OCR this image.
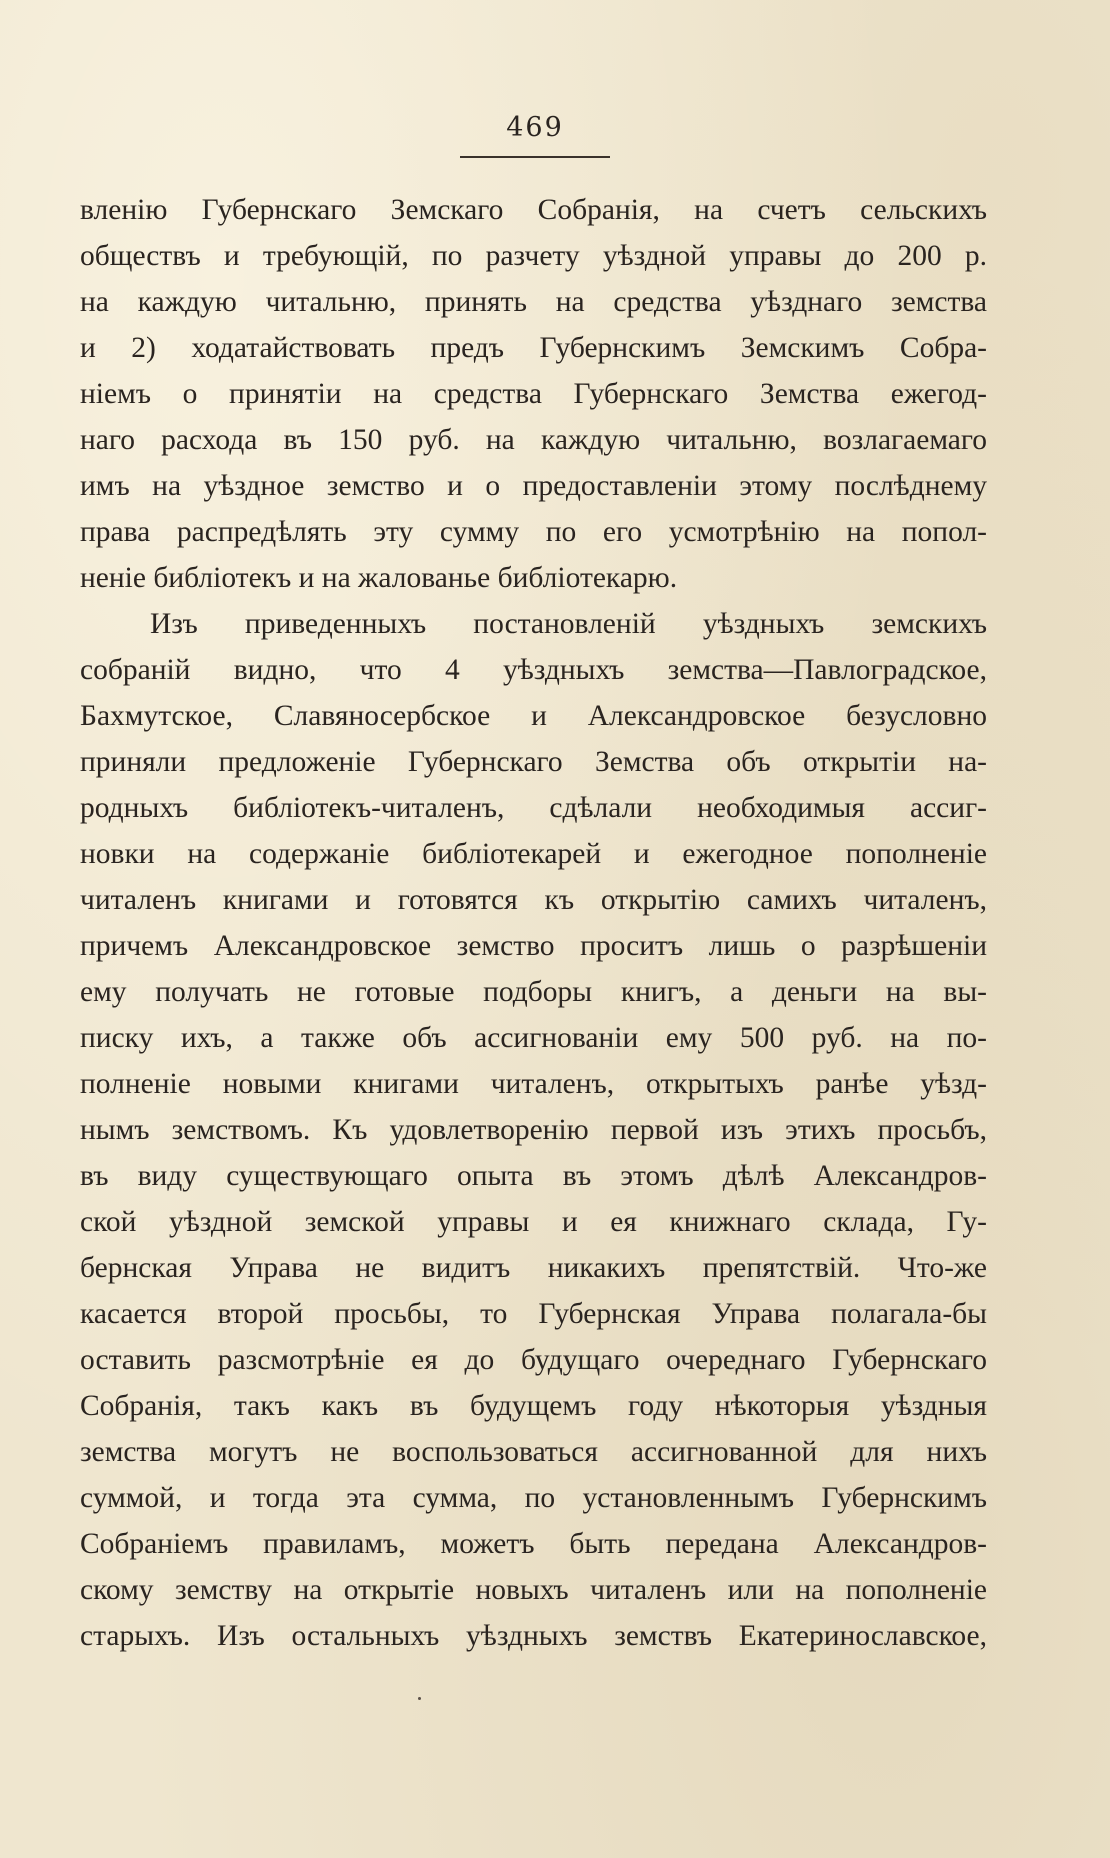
469
вленію Губернскаго Земскаго Собранія, на счетъ сельскихъ
обществъ и требующій, по разчету уѣздной управы до 200 р.
на каждую читальню, принять на средства уѣзднаго земства
и 2) ходатайствовать предъ Губернскимъ Земскимъ Собра-
ніемъ о принятіи на средства Губернскаго Земства ежегод-
наго расхода въ 150 руб. на каждую читальню, возлагаемаго
имъ на уѣздное земство и о предоставленіи этому послѣднему
права распредѣлять эту сумму по его усмотрѣнію на попол-
неніе библіотекъ и на жалованье библіотекарю.
Изъ приведенныхъ постановленій уѣздныхъ земскихъ
собраній видно, что 4 уѣздныхъ земства—Павлоградское,
Бахмутское, Славяносербское и Александровское безусловно
приняли предложеніе Губернскаго Земства объ открытіи на-
родныхъ библіотекъ-читаленъ, сдѣлали необходимыя ассиг-
новки на содержаніе библіотекарей и ежегодное пополненіе
читаленъ книгами и готовятся къ открытію самихъ читаленъ,
причемъ Александровское земство проситъ лишь о разрѣшеніи
ему получать не готовые подборы книгъ, а деньги на вы-
писку ихъ, а также объ ассигнованіи ему 500 руб. на по-
полненіе новыми книгами читаленъ, открытыхъ ранѣе уѣзд-
нымъ земствомъ. Къ удовлетворенію первой изъ этихъ просьбъ,
въ виду существующаго опыта въ этомъ дѣлѣ Александров-
ской уѣздной земской управы и ея книжнаго склада, Гу-
бернская Управа не видитъ никакихъ препятствій. Что-же
касается второй просьбы, то Губернская Управа полагала-бы
оставить разсмотрѣніе ея до будущаго очереднаго Губернскаго
Собранія, такъ какъ въ будущемъ году нѣкоторыя уѣздныя
земства могутъ не воспользоваться ассигнованной для нихъ
суммой, и тогда эта сумма, по установленнымъ Губернскимъ
Собраніемъ правиламъ, можетъ быть передана Александров-
скому земству на открытіе новыхъ читаленъ или на пополненіе
старыхъ. Изъ остальныхъ уѣздныхъ земствъ Екатеринославское,
